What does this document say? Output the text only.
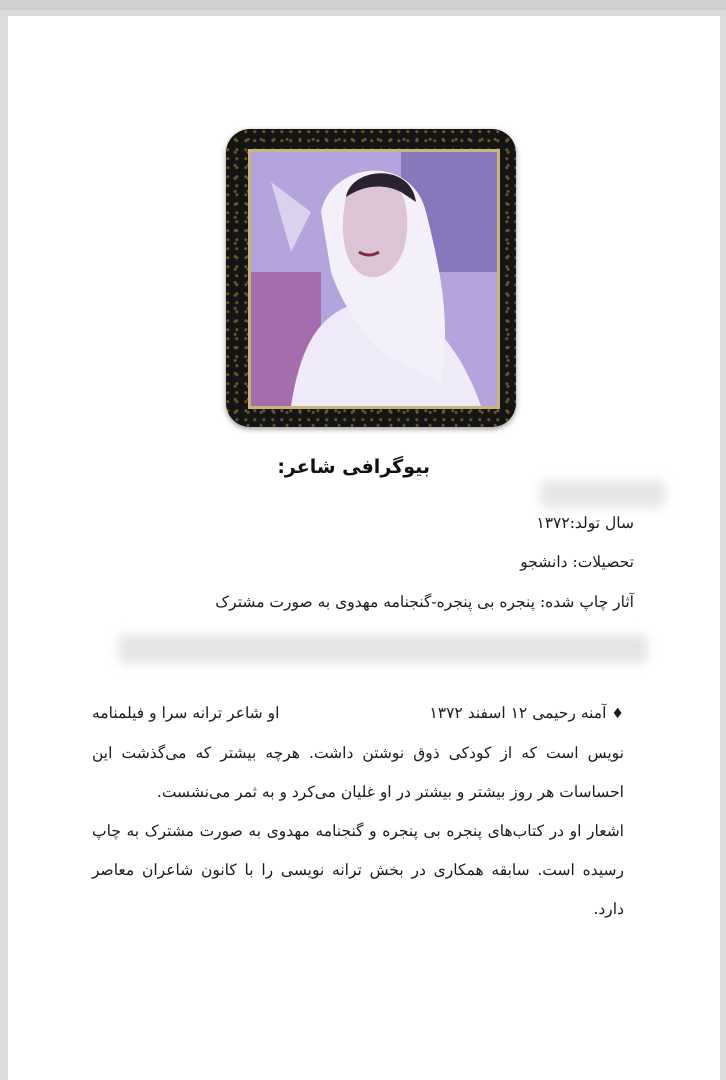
بیوگرافی شاعر:
سال تولد:۱۳۷۲
تحصیلات: دانشجو
آثار چاپ شده: پنجره بی پنجره-گنجنامه مهدوی به صورت مشترک

♦ آمنه رحیمی ۱۲ اسفند ۱۳۷۲او شاعر ترانه سرا و فیلمنامه نویس است که از کودکی ذوق نوشتن داشت. هرچه بیشتر که می‌گذشت این احساسات هر روز بیشتر و بیشتر در او غلیان می‌کرد و به ثمر می‌نشست.

اشعار او در کتاب‌های پنجره بی پنجره و گنجنامه مهدوی به صورت مشترک به چاپ رسیده است. سابقه همکاری در بخش ترانه نویسی را با کانون شاعران معاصر دارد.
